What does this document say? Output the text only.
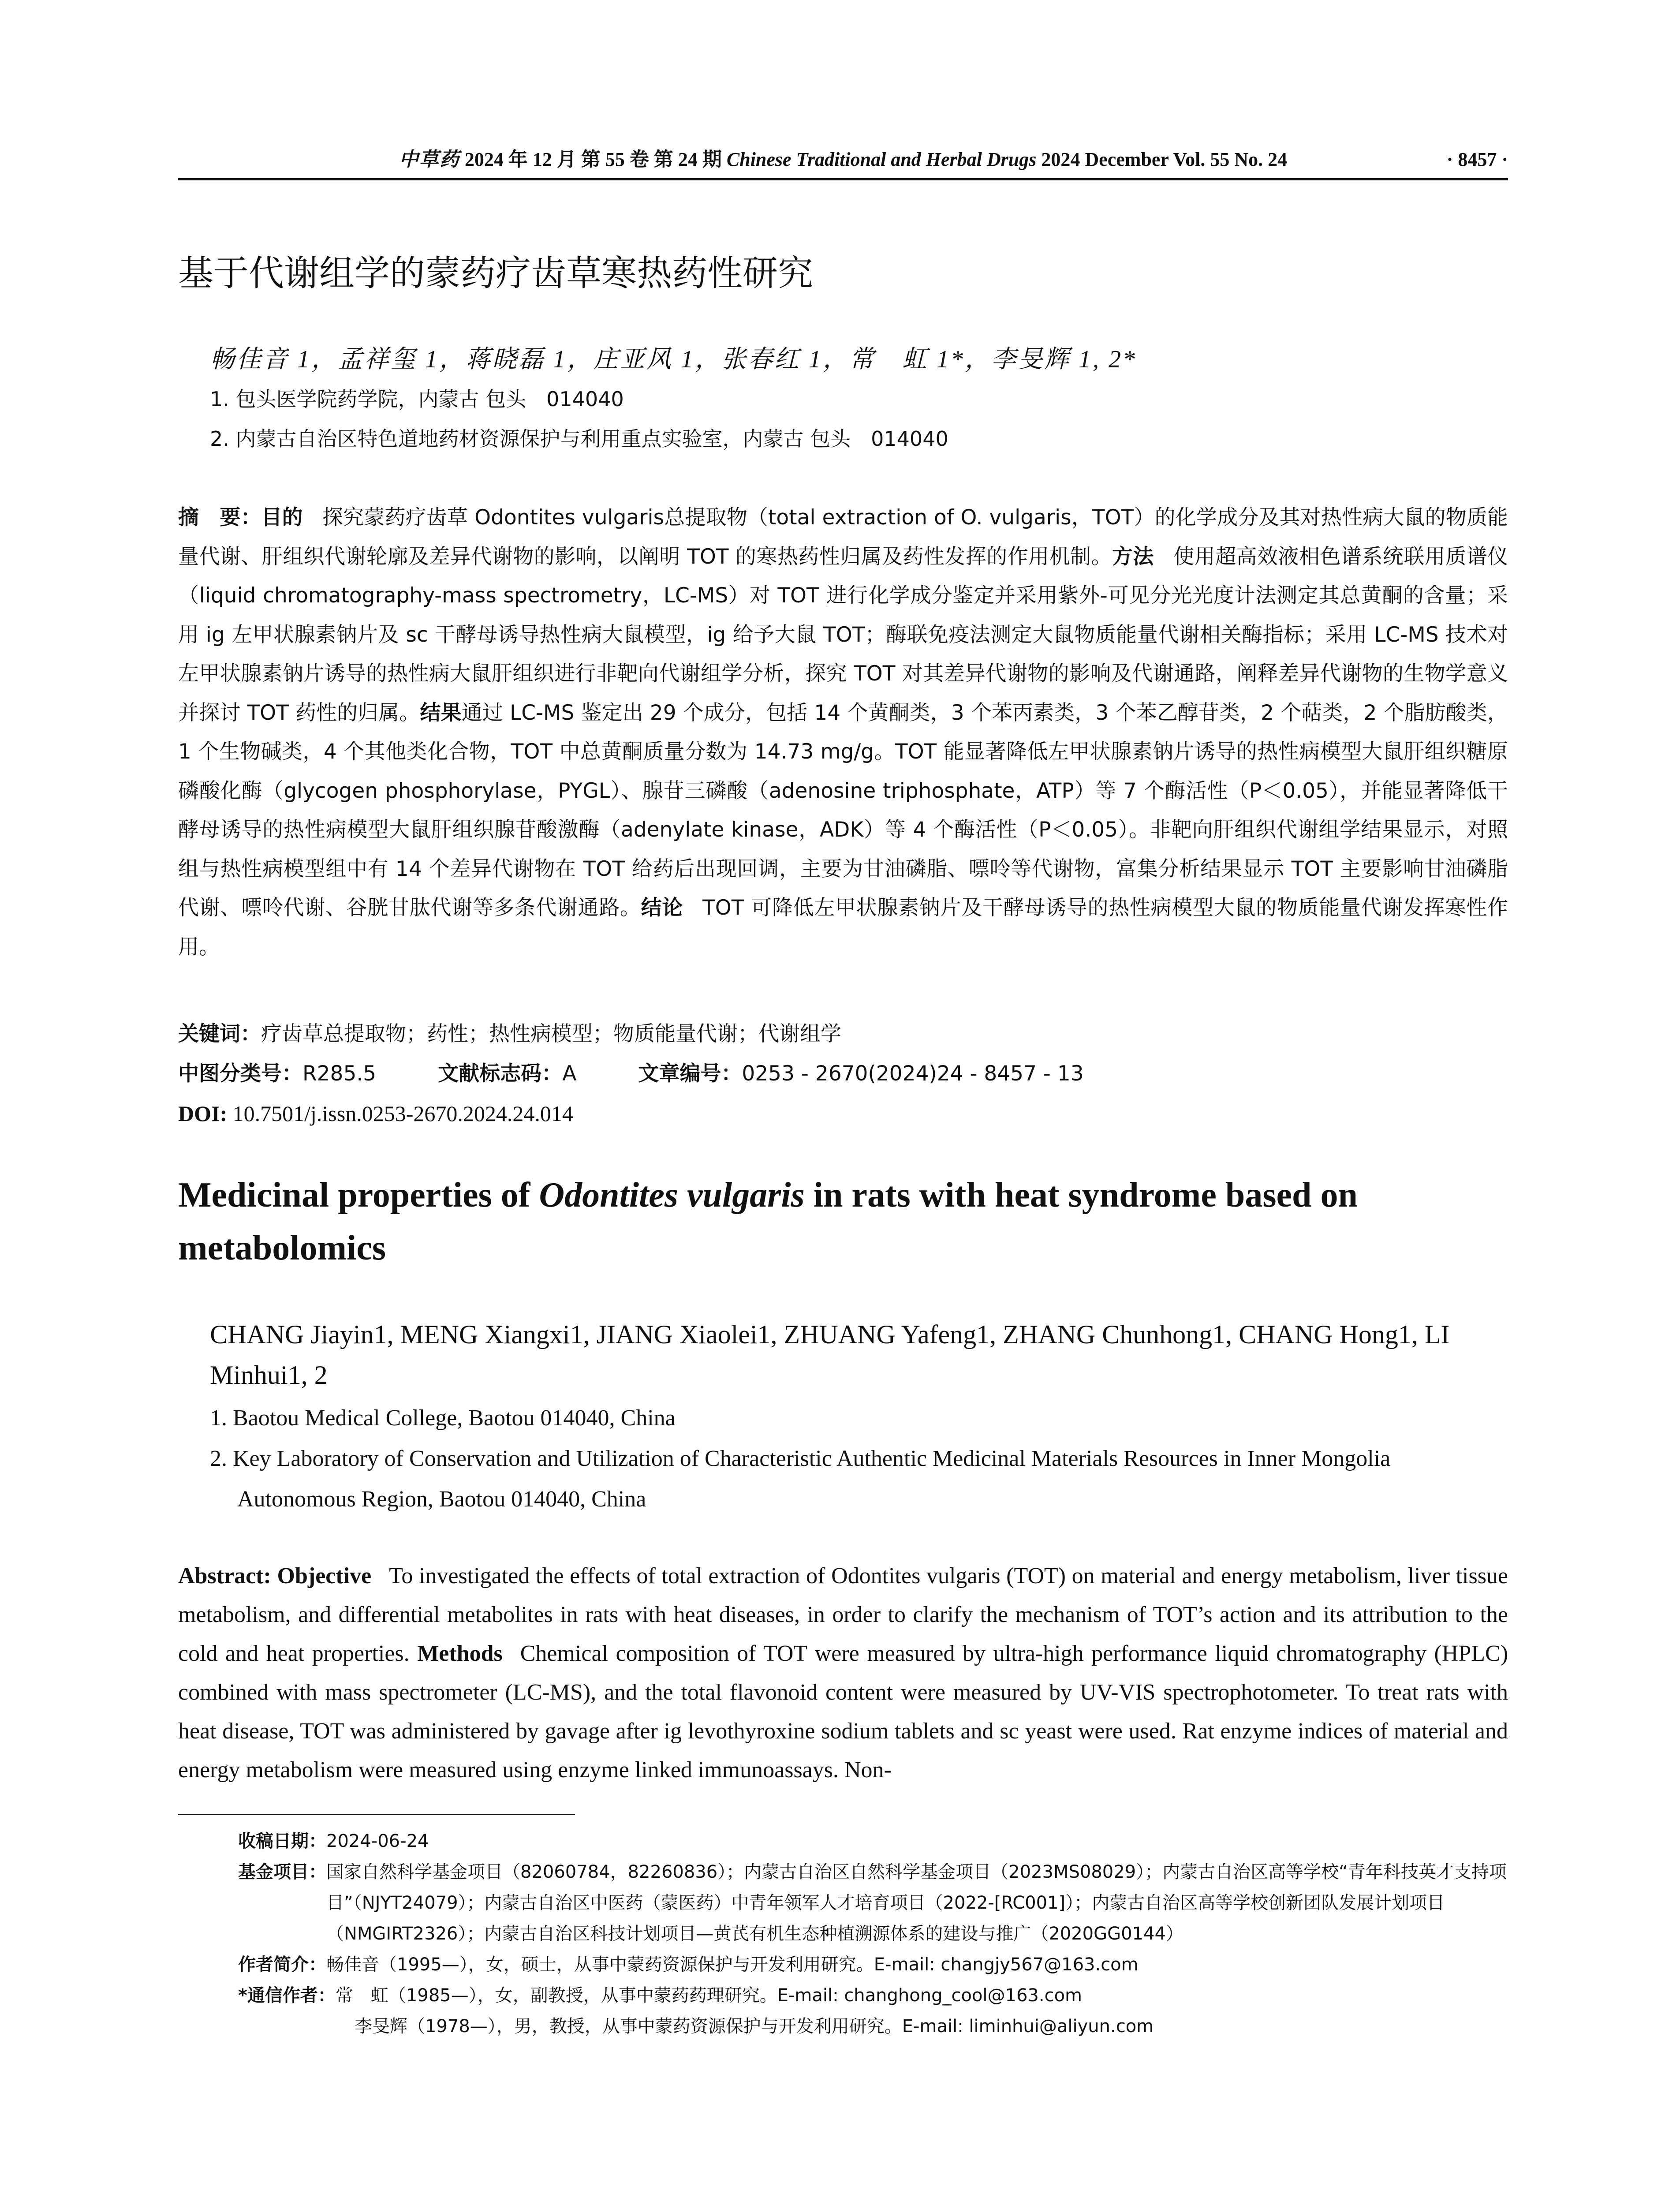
中草药 2024 年 12 月 第 55 卷 第 24 期 Chinese Traditional and Herbal Drugs 2024 December Vol. 55 No. 24	· 8457 ·
基于代谢组学的蒙药疗齿草寒热药性研究
畅佳音 1，孟祥玺 1，蒋晓磊 1，庄亚风 1，张春红 1，常　虹 1*，李旻辉 1, 2*
1. 包头医学院药学院，内蒙古 包头　014040
2. 内蒙古自治区特色道地药材资源保护与利用重点实验室，内蒙古 包头　014040
摘　要：目的 探究蒙药疗齿草 Odontites vulgaris总提取物（total extraction of O. vulgaris，TOT）的化学成分及其对热性病大鼠的物质能量代谢、肝组织代谢轮廓及差异代谢物的影响，以阐明 TOT 的寒热药性归属及药性发挥的作用机制。方法 使用超高效液相色谱系统联用质谱仪（liquid chromatography-mass spectrometry，LC-MS）对 TOT 进行化学成分鉴定并采用紫外-可见分光光度计法测定其总黄酮的含量；采用 ig 左甲状腺素钠片及 sc 干酵母诱导热性病大鼠模型，ig 给予大鼠 TOT；酶联免疫法测定大鼠物质能量代谢相关酶指标；采用 LC-MS 技术对左甲状腺素钠片诱导的热性病大鼠肝组织进行非靶向代谢组学分析，探究 TOT 对其差异代谢物的影响及代谢通路，阐释差异代谢物的生物学意义并探讨 TOT 药性的归属。结果通过 LC-MS 鉴定出 29 个成分，包括 14 个黄酮类，3 个苯丙素类，3 个苯乙醇苷类，2 个萜类，2 个脂肪酸类，1 个生物碱类，4 个其他类化合物，TOT 中总黄酮质量分数为 14.73 mg/g。TOT 能显著降低左甲状腺素钠片诱导的热性病模型大鼠肝组织糖原磷酸化酶（glycogen phosphorylase，PYGL）、腺苷三磷酸（adenosine triphosphate，ATP）等 7 个酶活性（P＜0.05），并能显著降低干酵母诱导的热性病模型大鼠肝组织腺苷酸激酶（adenylate kinase，ADK）等 4 个酶活性（P＜0.05）。非靶向肝组织代谢组学结果显示，对照组与热性病模型组中有 14 个差异代谢物在 TOT 给药后出现回调，主要为甘油磷脂、嘌呤等代谢物，富集分析结果显示 TOT 主要影响甘油磷脂代谢、嘌呤代谢、谷胱甘肽代谢等多条代谢通路。结论 TOT 可降低左甲状腺素钠片及干酵母诱导的热性病模型大鼠的物质能量代谢发挥寒性作用。
关键词：疗齿草总提取物；药性；热性病模型；物质能量代谢；代谢组学
中图分类号：R285.5	文献标志码：A	文章编号：0253 - 2670(2024)24 - 8457 - 13
DOI: 10.7501/j.issn.0253-2670.2024.24.014
Medicinal properties of Odontites vulgaris in rats with heat syndrome based on metabolomics
CHANG Jiayin1, MENG Xiangxi1, JIANG Xiaolei1, ZHUANG Yafeng1, ZHANG Chunhong1, CHANG Hong1, LI Minhui1, 2
1. Baotou Medical College, Baotou 014040, China
2. Key Laboratory of Conservation and Utilization of Characteristic Authentic Medicinal Materials Resources in Inner Mongolia
Autonomous Region, Baotou 014040, China
Abstract: Objective To investigated the effects of total extraction of Odontites vulgaris (TOT) on material and energy metabolism, liver tissue metabolism, and differential metabolites in rats with heat diseases, in order to clarify the mechanism of TOT’s action and its attribution to the cold and heat properties. Methods Chemical composition of TOT were measured by ultra-high performance liquid chromatography (HPLC) combined with mass spectrometer (LC-MS), and the total flavonoid content were measured by UV-VIS spectrophotometer. To treat rats with heat disease, TOT was administered by gavage after ig levothyroxine sodium tablets and sc yeast were used. Rat enzyme indices of material and energy metabolism were measured using enzyme linked immunoassays. Non-
收稿日期： 2024-06-24
基金项目： 国家自然科学基金项目（82060784，82260836）；内蒙古自治区自然科学基金项目（2023MS08029）；内蒙古自治区高等学校“青年科技英才支持项目”（NJYT24079）；内蒙古自治区中医药（蒙医药）中青年领军人才培育项目（2022-[RC001]）；内蒙古自治区高等学校创新团队发展计划项目（NMGIRT2326）；内蒙古自治区科技计划项目—黄芪有机生态种植溯源体系的建设与推广（2020GG0144）
作者简介： 畅佳音（1995—），女，硕士，从事中蒙药资源保护与开发利用研究。E-mail: changjy567@163.com
*通信作者： 常　虹（1985—），女，副教授，从事中蒙药药理研究。E-mail: changhong_cool@163.com
李旻辉（1978—），男，教授，从事中蒙药资源保护与开发利用研究。E-mail: liminhui@aliyun.com
